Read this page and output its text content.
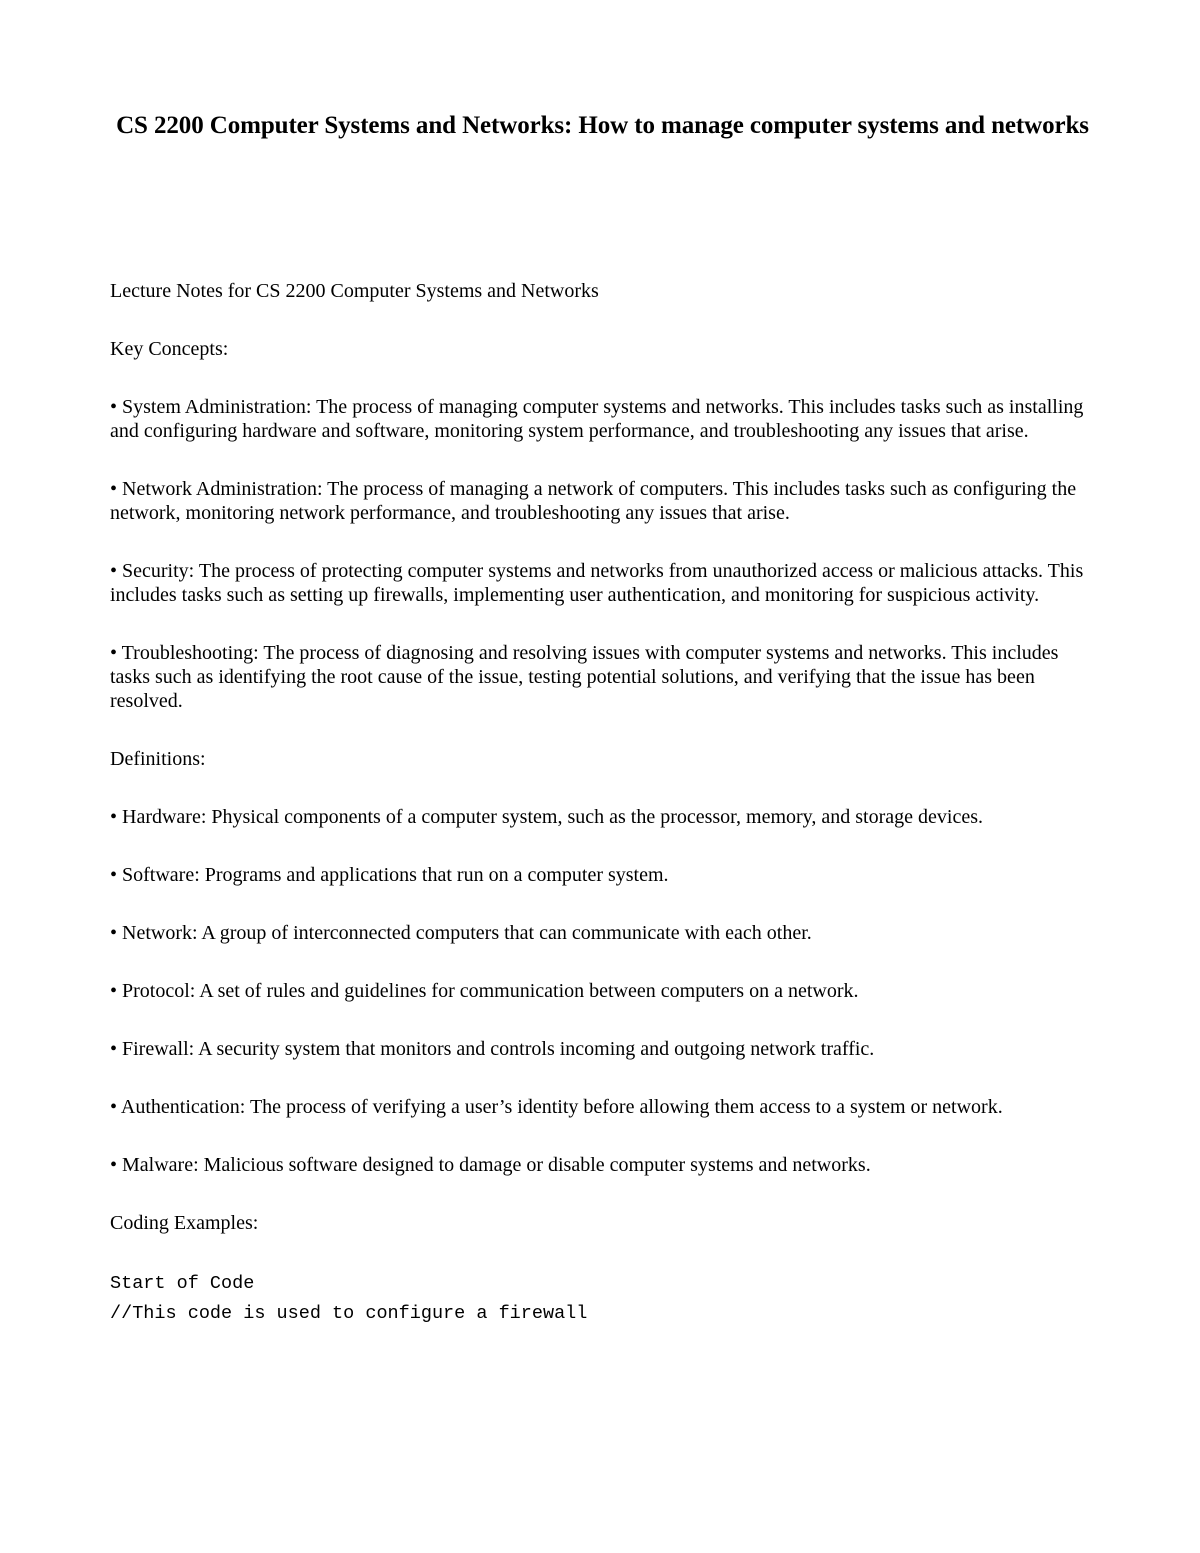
CS 2200 Computer Systems and Networks: How to manage computer systems and networks

Lecture Notes for CS 2200 Computer Systems and Networks

Key Concepts:

• System Administration: The process of managing computer systems and networks. This includes tasks such as installing and configuring hardware and software, monitoring system performance, and troubleshooting any issues that arise.
• Network Administration: The process of managing a network of computers. This includes tasks such as configuring the network, monitoring network performance, and troubleshooting any issues that arise.
• Security: The process of protecting computer systems and networks from unauthorized access or malicious attacks. This includes tasks such as setting up firewalls, implementing user authentication, and monitoring for suspicious activity.
• Troubleshooting: The process of diagnosing and resolving issues with computer systems and networks. This includes tasks such as identifying the root cause of the issue, testing potential solutions, and verifying that the issue has been resolved.

Definitions:

• Hardware: Physical components of a computer system, such as the processor, memory, and storage devices.
• Software: Programs and applications that run on a computer system.
• Network: A group of interconnected computers that can communicate with each other.
• Protocol: A set of rules and guidelines for communication between computers on a network.
• Firewall: A security system that monitors and controls incoming and outgoing network traffic.
• Authentication: The process of verifying a user’s identity before allowing them access to a system or network.
• Malware: Malicious software designed to damage or disable computer systems and networks.

Coding Examples:

Start of Code
//This code is used to configure a firewall
